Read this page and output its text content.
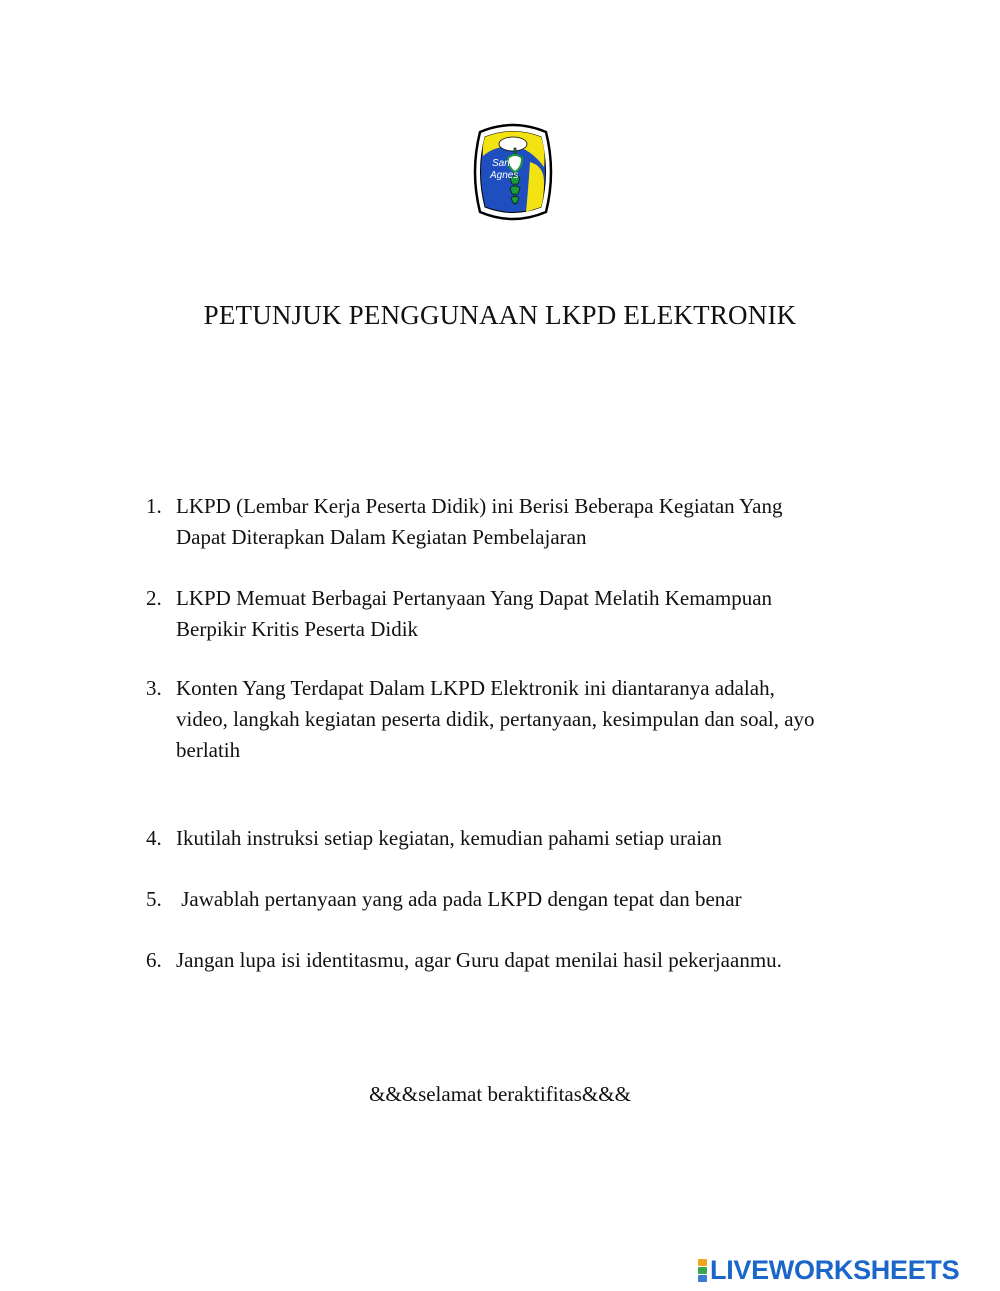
Santa
Agnes
PETUNJUK PENGGUNAAN LKPD ELEKTRONIK
1. LKPD (Lembar Kerja Peserta Didik) ini Berisi Beberapa Kegiatan Yang
Dapat Diterapkan Dalam Kegiatan Pembelajaran
2. LKPD Memuat Berbagai Pertanyaan Yang Dapat Melatih Kemampuan
Berpikir Kritis Peserta Didik
3. Konten Yang Terdapat Dalam LKPD Elektronik ini diantaranya adalah,
video, langkah kegiatan peserta didik, pertanyaan, kesimpulan dan soal, ayo
berlatih
4. Ikutilah instruksi setiap kegiatan, kemudian pahami setiap uraian
5. Jawablah pertanyaan yang ada pada LKPD dengan tepat dan benar
6. Jangan lupa isi identitasmu, agar Guru dapat menilai hasil pekerjaanmu.
&&&selamat beraktifitas&&&
LIVEWORKSHEETS
